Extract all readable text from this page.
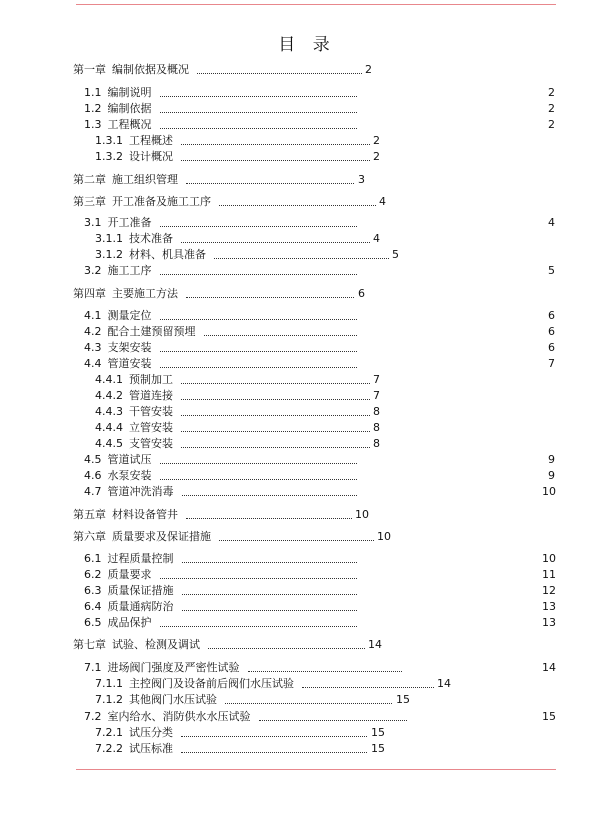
目 录
第一章 编制依据及概况	2
1.1 编制说明	2
1.2 编制依据	2
1.3 工程概况	2
1.3.1 工程概述	2
1.3.2 设计概况	2
第二章 施工组织管理	3
第三章 开工准备及施工工序	4
3.1 开工准备	4
3.1.1 技术准备	4
3.1.2 材料、机具准备	5
3.2 施工工序	5
第四章 主要施工方法	6
4.1 测量定位	6
4.2 配合土建预留预埋	6
4.3 支架安装	6
4.4 管道安装	7
4.4.1 预制加工	7
4.4.2 管道连接	7
4.4.3 干管安装	8
4.4.4 立管安装	8
4.4.5 支管安装	8
4.5 管道试压	9
4.6 水泵安装	9
4.7 管道冲洗消毒	10
第五章 材料设备管井	10
第六章 质量要求及保证措施	10
6.1 过程质量控制	10
6.2 质量要求	11
6.3 质量保证措施	12
6.4 质量通病防治	13
6.5 成品保护	13
第七章 试验、检测及调试	14
7.1 进场阀门强度及严密性试验	14
7.1.1 主控阀门及设备前后阀们水压试验	14
7.1.2 其他阀门水压试验	15
7.2 室内给水、消防供水水压试验	15
7.2.1 试压分类	15
7.2.2 试压标准	15
